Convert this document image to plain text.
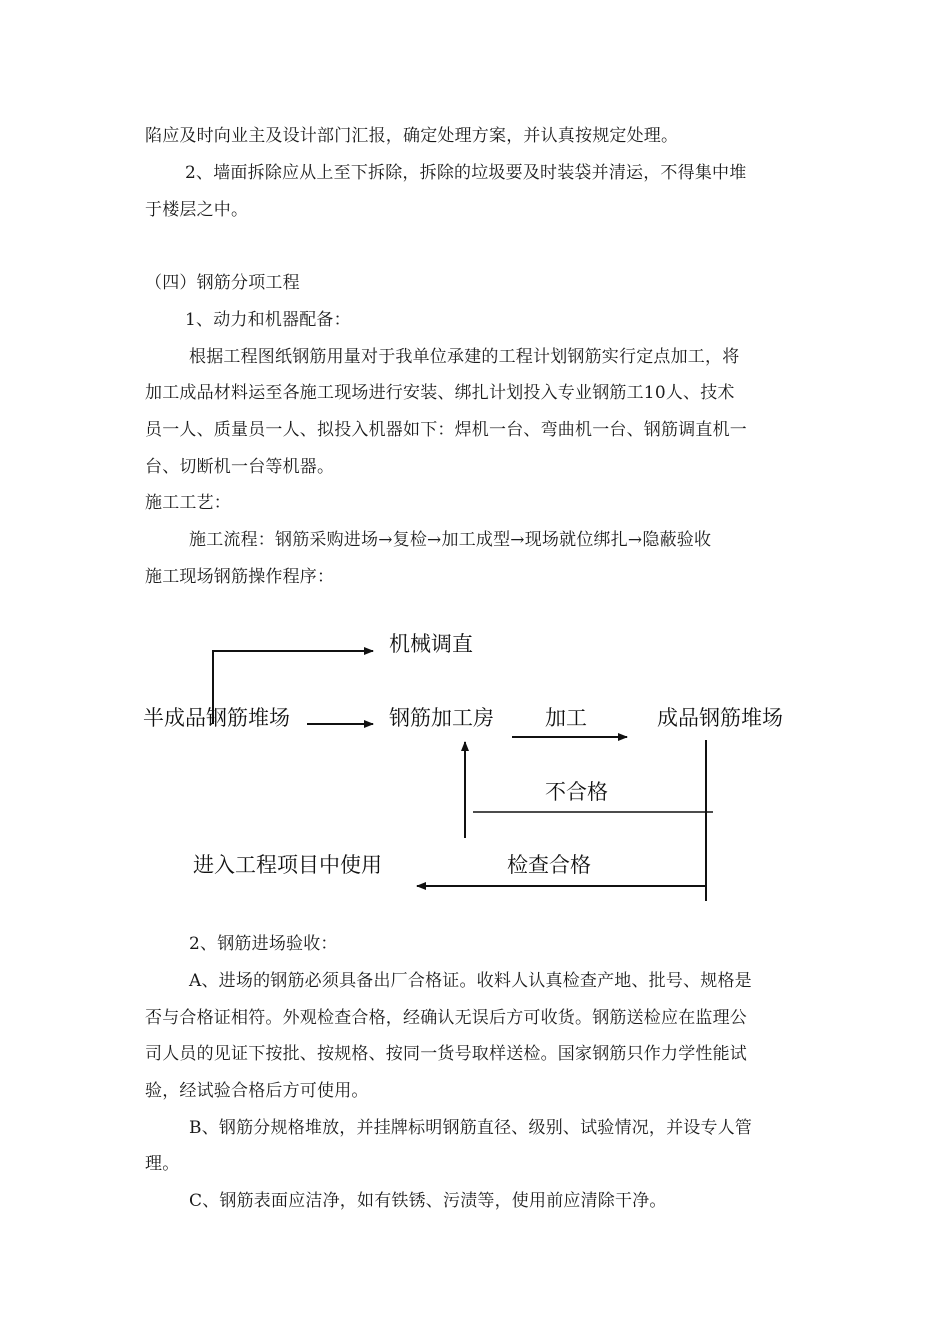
陷应及时向业主及设计部门汇报，确定处理方案，并认真按规定处理。
2、墙面拆除应从上至下拆除，拆除的垃圾要及时装袋并清运，不得集中堆
于楼层之中。
（四）钢筋分项工程
1、动力和机器配备：
根据工程图纸钢筋用量对于我单位承建的工程计划钢筋实行定点加工，将
加工成品材料运至各施工现场进行安装、绑扎计划投入专业钢筋工10人、技术
员一人、质量员一人、拟投入机器如下：焊机一台、弯曲机一台、钢筋调直机一
台、切断机一台等机器。
施工工艺：
施工流程：钢筋采购进场→复检→加工成型→现场就位绑扎→隐蔽验收
施工现场钢筋操作程序：
机械调直
半成品钢筋堆场	钢筋加工房 加工	成品钢筋堆场
不合格
检查合格
进入工程项目中使用
2、钢筋进场验收：
A、进场的钢筋必须具备出厂合格证。收料人认真检查产地、批号、规格是
否与合格证相符。外观检查合格，经确认无误后方可收货。钢筋送检应在监理公
司人员的见证下按批、按规格、按同一货号取样送检。国家钢筋只作力学性能试
验，经试验合格后方可使用。
B、钢筋分规格堆放，并挂牌标明钢筋直径、级别、试验情况，并设专人管
理。
C、钢筋表面应洁净，如有铁锈、污渍等，使用前应清除干净。
